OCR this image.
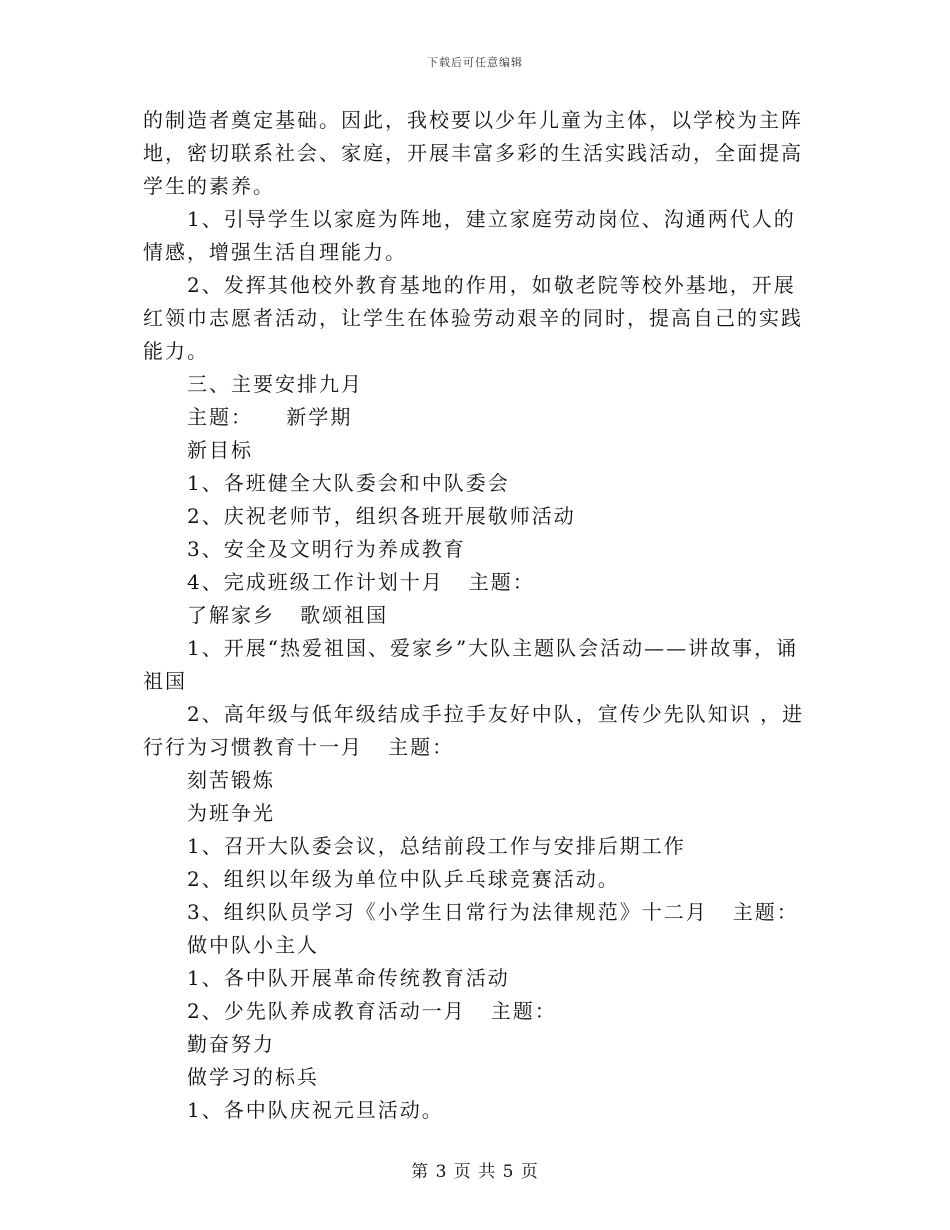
下载后可任意编辑

的制造者奠定基础。因此，我校要以少年儿童为主体，以学校为主阵地，密切联系社会、家庭，开展丰富多彩的生活实践活动，全面提高学生的素养。

1、引导学生以家庭为阵地，建立家庭劳动岗位、沟通两代人的情感，增强生活自理能力。

2、发挥其他校外教育基地的作用，如敬老院等校外基地，开展红领巾志愿者活动，让学生在体验劳动艰辛的同时，提高自己的实践能力。

三、主要安排九月

主题：    新学期

新目标

1、各班健全大队委会和中队委会

2、庆祝老师节，组织各班开展敬师活动

3、安全及文明行为养成教育

4、完成班级工作计划十月   主题：

了解家乡   歌颂祖国

1、开展“热爱祖国、爱家乡”大队主题队会活动——讲故事，诵祖国

2、高年级与低年级结成手拉手友好中队，宣传少先队知识 ，进行行为习惯教育十一月   主题：

刻苦锻炼

为班争光

1、召开大队委会议，总结前段工作与安排后期工作

2、组织以年级为单位中队乒乓球竞赛活动。

3、组织队员学习《小学生日常行为法律规范》十二月   主题：

做中队小主人

1、各中队开展革命传统教育活动

2、少先队养成教育活动一月   主题：

勤奋努力

做学习的标兵

1、各中队庆祝元旦活动。

第 3 页 共 5 页
